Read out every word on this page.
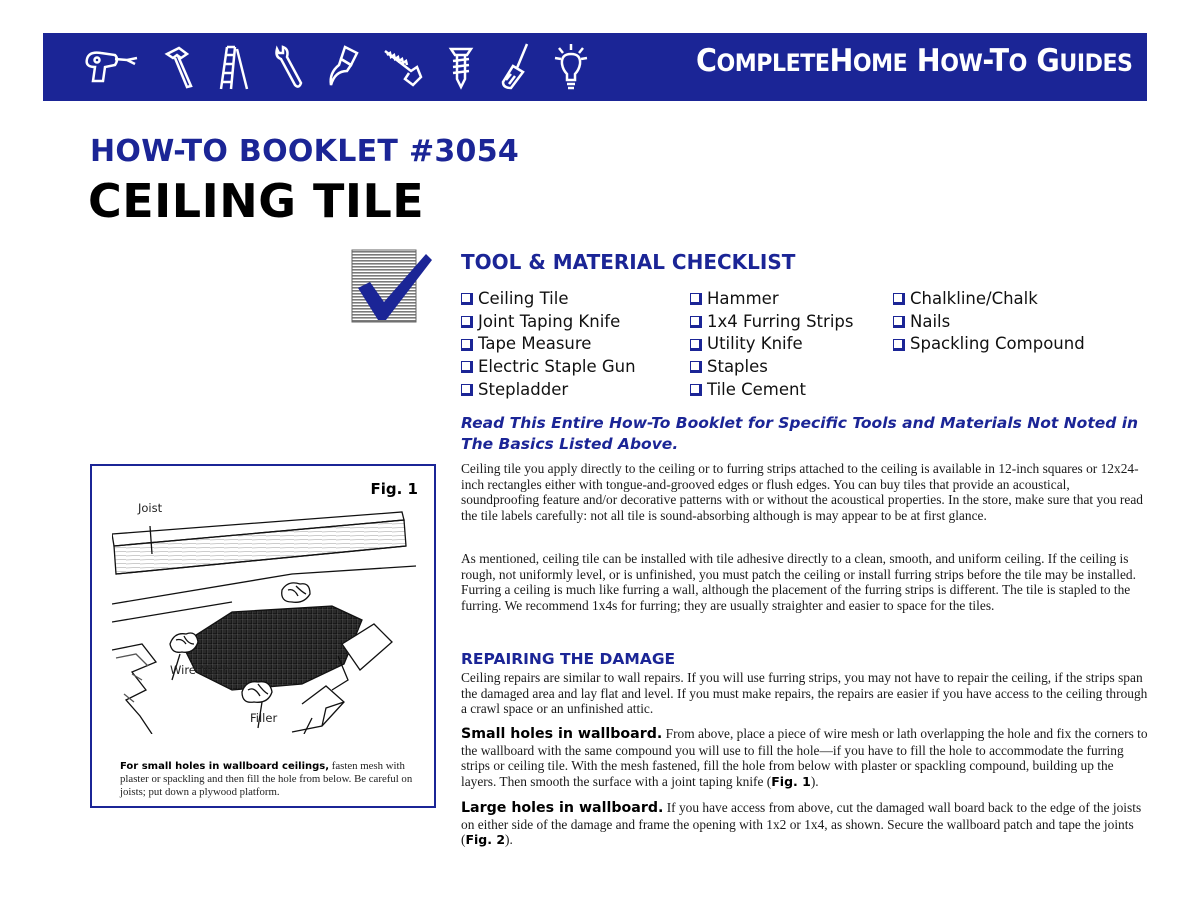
COMPLETEHOME HOW-TO GUIDES
HOW-TO BOOKLET #3054
CEILING TILE
TOOL & MATERIAL CHECKLIST
Ceiling Tile
Joint Taping Knife
Tape Measure
Electric Staple Gun
Stepladder
Hammer
1x4 Furring Strips
Utility Knife
Staples
Tile Cement
Chalkline/Chalk
Nails
Spackling Compound
Read This Entire How-To Booklet for Specific Tools and Materials Not Noted in The Basics Listed Above.

Ceiling tile you apply directly to the ceiling or to furring strips attached to the ceiling is available in 12-inch squares or 12x24-inch rectangles either with tongue-and-grooved edges or flush edges. You can buy tiles that provide an acoustical, soundproofing feature and/or decorative patterns with or without the acoustical properties. In the store, make sure that you read the tile labels carefully: not all tile is sound-absorbing although is may appear to be at first glance.

As mentioned, ceiling tile can be installed with tile adhesive directly to a clean, smooth, and uniform ceiling. If the ceiling is rough, not uniformly level, or is unfinished, you must patch the ceiling or install furring strips before the tile may be installed. Furring a ceiling is much like furring a wall, although the placement of the furring strips is different. The tile is stapled to the furring. We recommend 1x4s for furring; they are usually straighter and easier to space for the tiles.

REPAIRING THE DAMAGE

Ceiling repairs are similar to wall repairs. If you will use furring strips, you may not have to repair the ceiling, if the strips span the damaged area and lay flat and level. If you must make repairs, the repairs are easier if you have access to the ceiling through a crawl space or an unfinished attic.

Small holes in wallboard. From above, place a piece of wire mesh or lath overlapping the hole and fix the corners to the wallboard with the same compound you will use to fill the hole—if you have to fill the hole to accommodate the furring strips or ceiling tile. With the mesh fastened, fill the hole from below with plaster or spackling compound, building up the layers. Then smooth the surface with a joint taping knife (Fig. 1).

Large holes in wallboard. If you have access from above, cut the damaged wall board back to the edge of the joists on either side of the damage and frame the opening with 1x2 or 1x4, as shown. Secure the wallboard patch and tape the joints (Fig. 2).

Fig. 1
Joist
Wire Mesh
Filler

For small holes in wallboard ceilings, fasten mesh with plaster or spackling and then fill the hole from below. Be careful on joists; put down a plywood platform.
